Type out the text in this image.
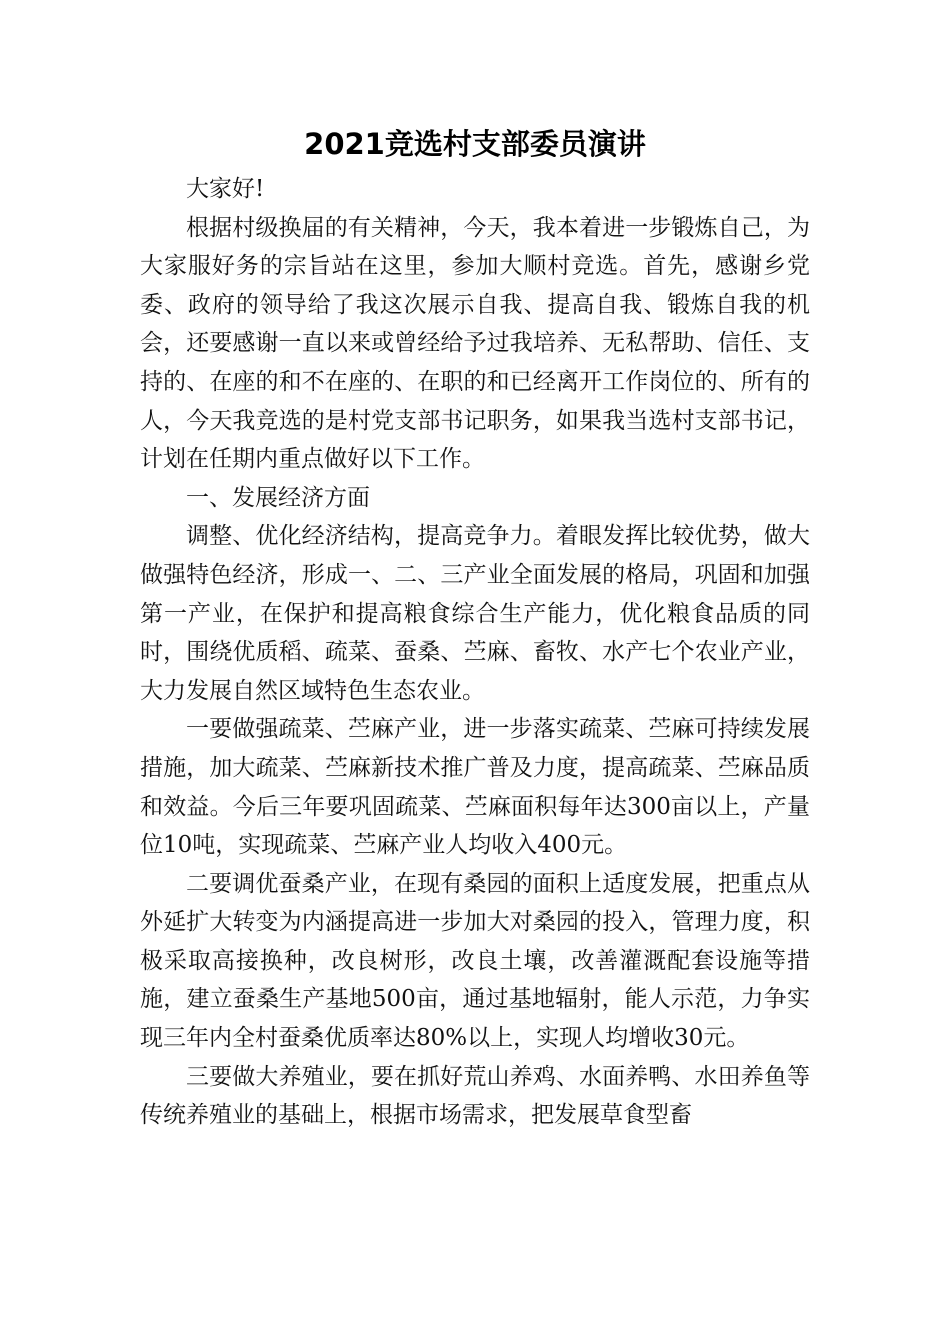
2021竞选村支部委员演讲

大家好!

根据村级换届的有关精神，今天，我本着进一步锻炼自己，为大家服好务的宗旨站在这里，参加大顺村竞选。首先，感谢乡党委、政府的领导给了我这次展示自我、提高自我、锻炼自我的机会，还要感谢一直以来或曾经给予过我培养、无私帮助、信任、支持的、在座的和不在座的、在职的和已经离开工作岗位的、所有的人，今天我竞选的是村党支部书记职务，如果我当选村支部书记，计划在任期内重点做好以下工作。

一、发展经济方面

调整、优化经济结构，提高竞争力。着眼发挥比较优势，做大做强特色经济，形成一、二、三产业全面发展的格局，巩固和加强第一产业，在保护和提高粮食综合生产能力，优化粮食品质的同时，围绕优质稻、疏菜、蚕桑、苎麻、畜牧、水产七个农业产业，大力发展自然区域特色生态农业。

一要做强疏菜、苎麻产业，进一步落实疏菜、苎麻可持续发展措施，加大疏菜、苎麻新技术推广普及力度，提高疏菜、苎麻品质和效益。今后三年要巩固疏菜、苎麻面积每年达300亩以上，产量位10吨，实现疏菜、苎麻产业人均收入400元。

二要调优蚕桑产业，在现有桑园的面积上适度发展，把重点从外延扩大转变为内涵提高进一步加大对桑园的投入，管理力度，积极采取高接换种，改良树形，改良土壤，改善灌溉配套设施等措施，建立蚕桑生产基地500亩，通过基地辐射，能人示范，力争实现三年内全村蚕桑优质率达80%以上，实现人均增收30元。

三要做大养殖业，要在抓好荒山养鸡、水面养鸭、水田养鱼等传统养殖业的基础上，根据市场需求，把发展草食型畜
